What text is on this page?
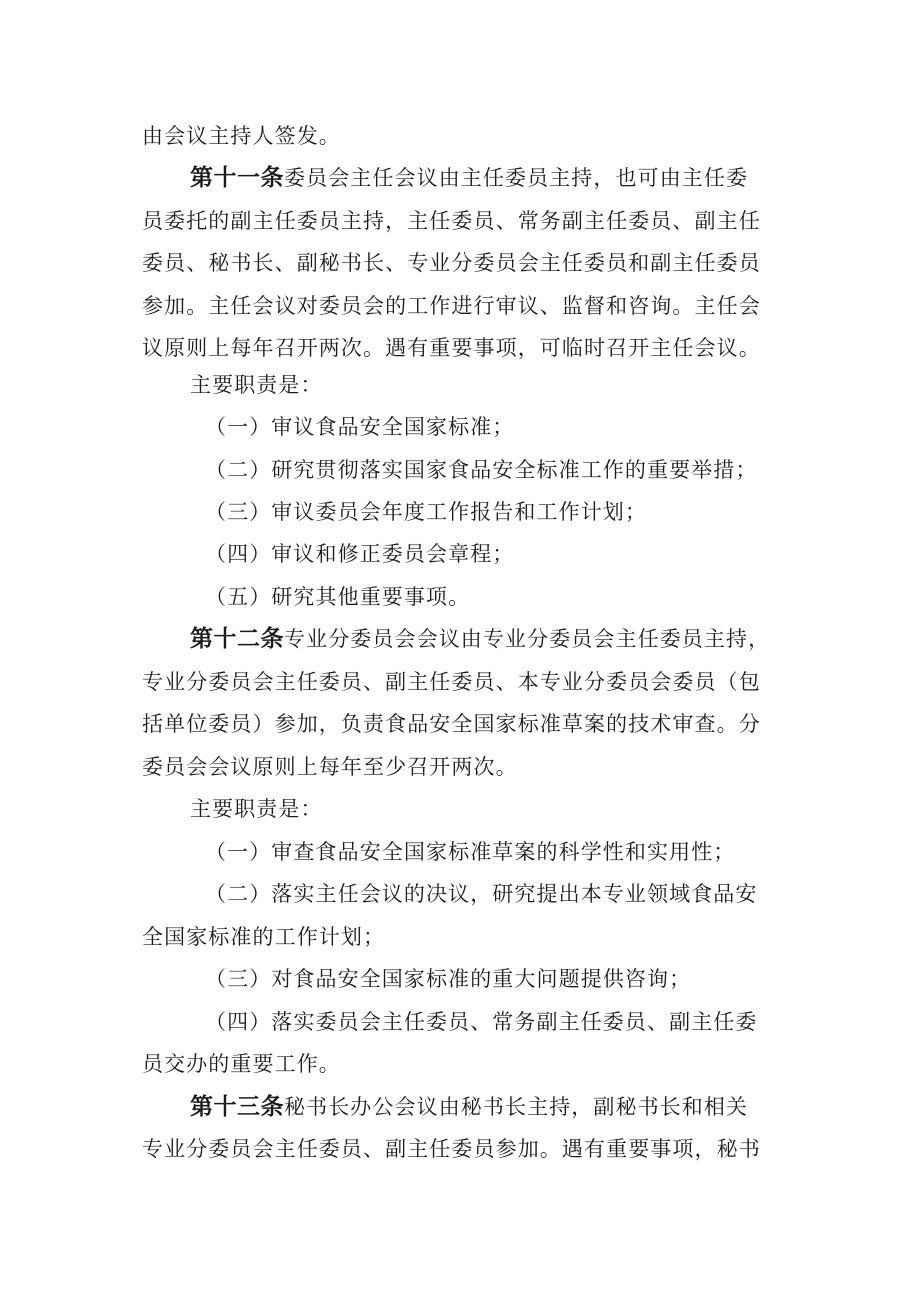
由会议主持人签发。
第十一条委员会主任会议由主任委员主持，也可由主任委
员委托的副主任委员主持，主任委员、常务副主任委员、副主任
委员、秘书长、副秘书长、专业分委员会主任委员和副主任委员
参加。主任会议对委员会的工作进行审议、监督和咨询。主任会
议原则上每年召开两次。遇有重要事项，可临时召开主任会议。
主要职责是：
（一）审议食品安全国家标准；
（二）研究贯彻落实国家食品安全标准工作的重要举措；
（三）审议委员会年度工作报告和工作计划；
（四）审议和修正委员会章程；
（五）研究其他重要事项。
第十二条专业分委员会会议由专业分委员会主任委员主持，
专业分委员会主任委员、副主任委员、本专业分委员会委员（包
括单位委员）参加，负责食品安全国家标准草案的技术审查。分
委员会会议原则上每年至少召开两次。
主要职责是：
（一）审查食品安全国家标准草案的科学性和实用性；
（二）落实主任会议的决议，研究提出本专业领域食品安
全国家标准的工作计划；
（三）对食品安全国家标准的重大问题提供咨询；
（四）落实委员会主任委员、常务副主任委员、副主任委
员交办的重要工作。
第十三条秘书长办公会议由秘书长主持，副秘书长和相关
专业分委员会主任委员、副主任委员参加。遇有重要事项，秘书
